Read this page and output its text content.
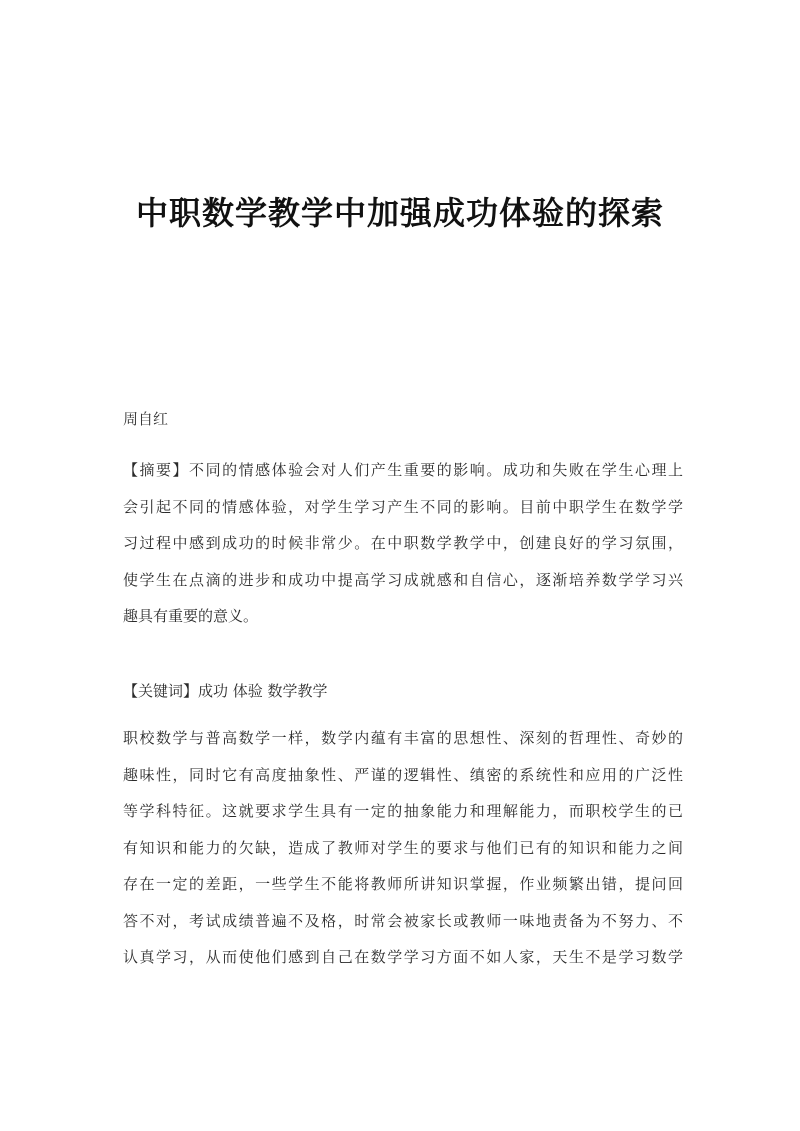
中职数学教学中加强成功体验的探索

周自红

【摘要】不同的情感体验会对人们产生重要的影响。成功和失败在学生心理上
会引起不同的情感体验，对学生学习产生不同的影响。目前中职学生在数学学
习过程中感到成功的时候非常少。在中职数学教学中，创建良好的学习氛围，
使学生在点滴的进步和成功中提高学习成就感和自信心，逐渐培养数学学习兴
趣具有重要的意义。
【关键词】成功 体验 数学教学
职校数学与普高数学一样，数学内蕴有丰富的思想性、深刻的哲理性、奇妙的
趣味性，同时它有高度抽象性、严谨的逻辑性、缜密的系统性和应用的广泛性
等学科特征。这就要求学生具有一定的抽象能力和理解能力，而职校学生的已
有知识和能力的欠缺，造成了教师对学生的要求与他们已有的知识和能力之间
存在一定的差距，一些学生不能将教师所讲知识掌握，作业频繁出错，提问回
答不对，考试成绩普遍不及格，时常会被家长或教师一味地责备为不努力、不
认真学习，从而使他们感到自己在数学学习方面不如人家，天生不是学习数学
